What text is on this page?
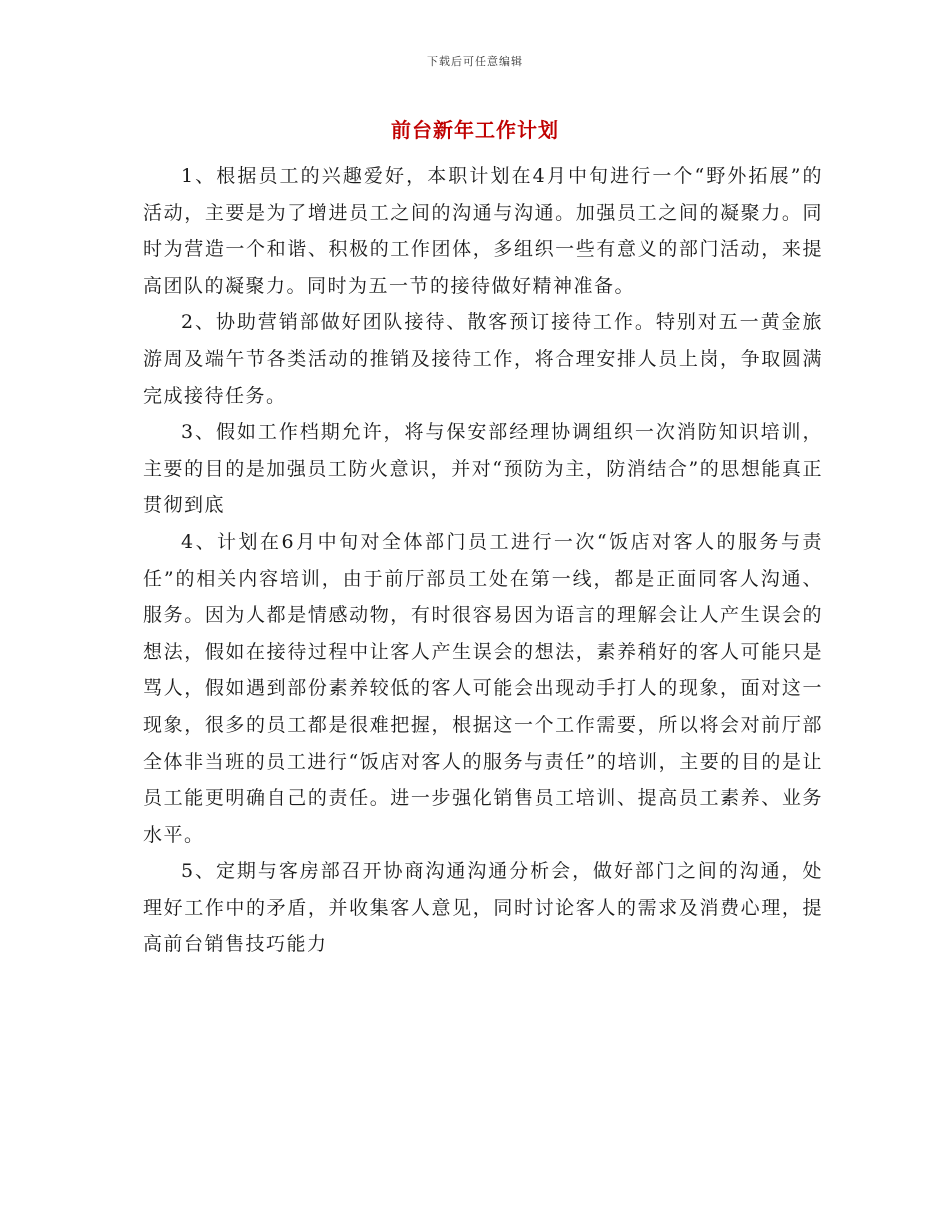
下载后可任意编辑
前台新年工作计划

1、根据员工的兴趣爱好，本职计划在4月中旬进行一个“野外拓展”的活动，主要是为了增进员工之间的沟通与沟通。加强员工之间的凝聚力。同时为营造一个和谐、积极的工作团体，多组织一些有意义的部门活动，来提高团队的凝聚力。同时为五一节的接待做好精神准备。

2、协助营销部做好团队接待、散客预订接待工作。特别对五一黄金旅游周及端午节各类活动的推销及接待工作，将合理安排人员上岗，争取圆满完成接待任务。

3、假如工作档期允许，将与保安部经理协调组织一次消防知识培训，主要的目的是加强员工防火意识，并对“预防为主，防消结合”的思想能真正贯彻到底

4、计划在6月中旬对全体部门员工进行一次“饭店对客人的服务与责任”的相关内容培训，由于前厅部员工处在第一线，都是正面同客人沟通、服务。因为人都是情感动物，有时很容易因为语言的理解会让人产生误会的想法，假如在接待过程中让客人产生误会的想法，素养稍好的客人可能只是骂人，假如遇到部份素养较低的客人可能会出现动手打人的现象，面对这一现象，很多的员工都是很难把握，根据这一个工作需要，所以将会对前厅部全体非当班的员工进行“饭店对客人的服务与责任”的培训，主要的目的是让员工能更明确自己的责任。进一步强化销售员工培训、提高员工素养、业务水平。

5、定期与客房部召开协商沟通沟通分析会，做好部门之间的沟通，处理好工作中的矛盾，并收集客人意见，同时讨论客人的需求及消费心理，提高前台销售技巧能力
